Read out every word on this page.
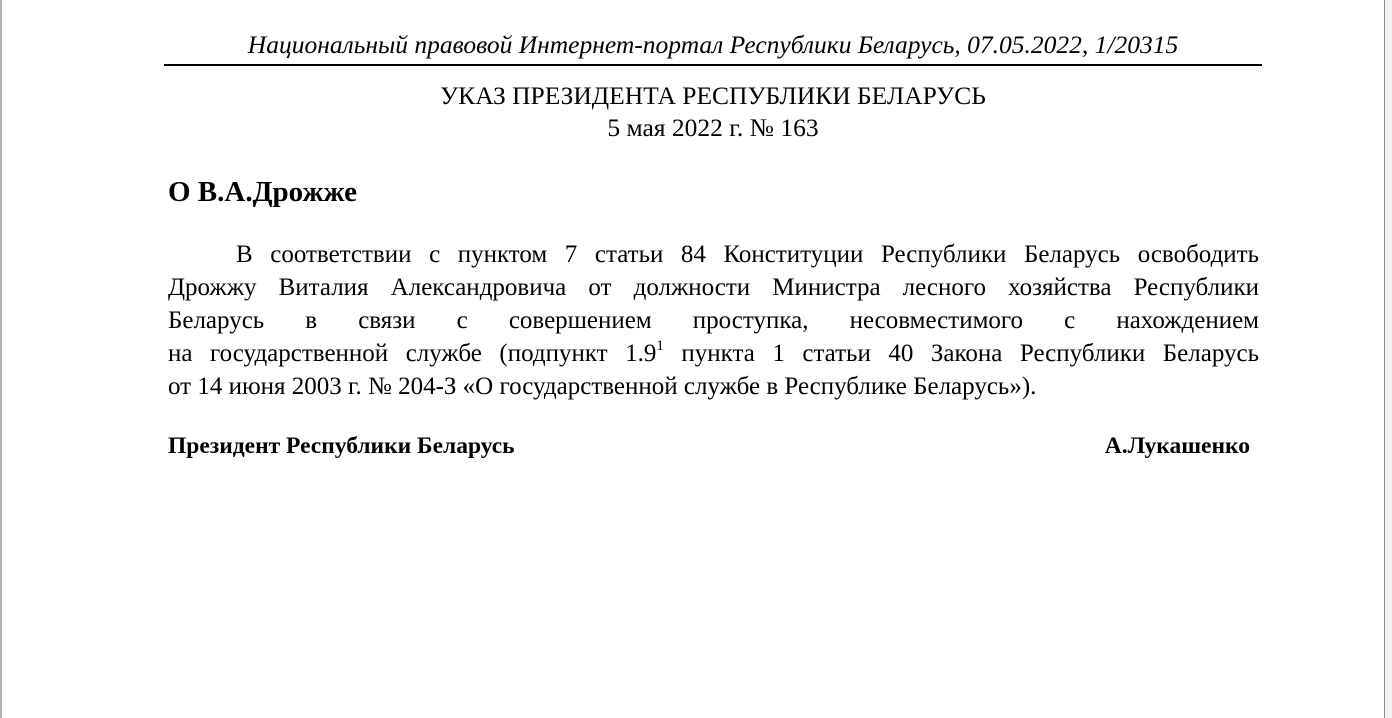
Национальный правовой Интернет-портал Республики Беларусь, 07.05.2022, 1/20315
УКАЗ ПРЕЗИДЕНТА РЕСПУБЛИКИ БЕЛАРУСЬ
5 мая 2022 г. № 163
О В.А.Дрожже
В соответствии с пунктом 7 статьи 84 Конституции Республики Беларусь освободить
Дрожжу Виталия Александровича от должности Министра лесного хозяйства Республики
Беларусь в связи с совершением проступка, несовместимого с нахождением
на государственной службе (подпункт $1.9^1$ пункта 1 статьи 40 Закона Республики Беларусь
от 14 июня 2003 г. № 204-З «О государственной службе в Республике Беларусь»).
Президент Республики Беларусь	А.Лукашенко
